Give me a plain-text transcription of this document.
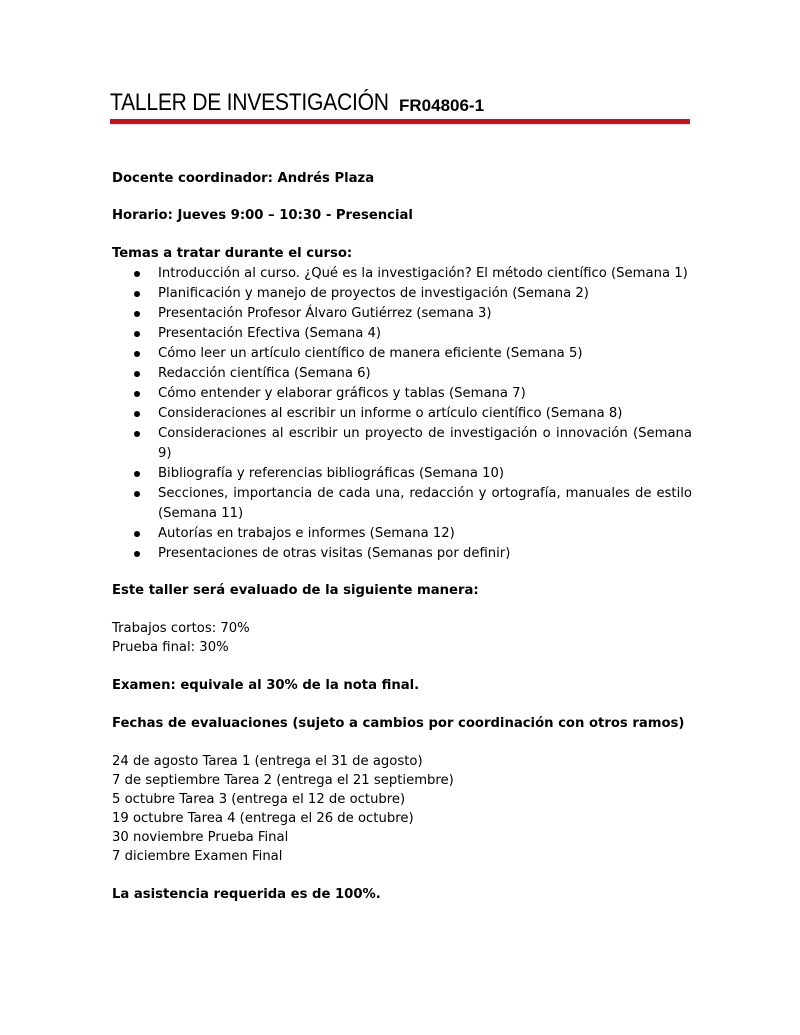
TALLER DE INVESTIGACIÓN FR04806-1
Docente coordinador: Andrés Plaza
Horario: Jueves 9:00 – 10:30 - Presencial
Temas a tratar durante el curso:
Introducción al curso. ¿Qué es la investigación? El método científico (Semana 1)
Planificación y manejo de proyectos de investigación (Semana 2)
Presentación Profesor Álvaro Gutiérrez (semana 3)
Presentación Efectiva (Semana 4)
Cómo leer un artículo científico de manera eficiente (Semana 5)
Redacción científica (Semana 6)
Cómo entender y elaborar gráficos y tablas (Semana 7)
Consideraciones al escribir un informe o artículo científico (Semana 8)
Consideraciones al escribir un proyecto de investigación o innovación (Semana 9)
Bibliografía y referencias bibliográficas (Semana 10)
Secciones, importancia de cada una, redacción y ortografía, manuales de estilo (Semana 11)
Autorías en trabajos e informes (Semana 12)
Presentaciones de otras visitas (Semanas por definir)
Este taller será evaluado de la siguiente manera:
Trabajos cortos: 70%
Prueba final: 30%
Examen: equivale al 30% de la nota final.
Fechas de evaluaciones (sujeto a cambios por coordinación con otros ramos)
24 de agosto Tarea 1 (entrega el 31 de agosto)
7 de septiembre Tarea 2 (entrega el 21 septiembre)
5 octubre Tarea 3 (entrega el 12 de octubre)
19 octubre Tarea 4 (entrega el 26 de octubre)
30 noviembre Prueba Final
7 diciembre Examen Final
La asistencia requerida es de 100%.
